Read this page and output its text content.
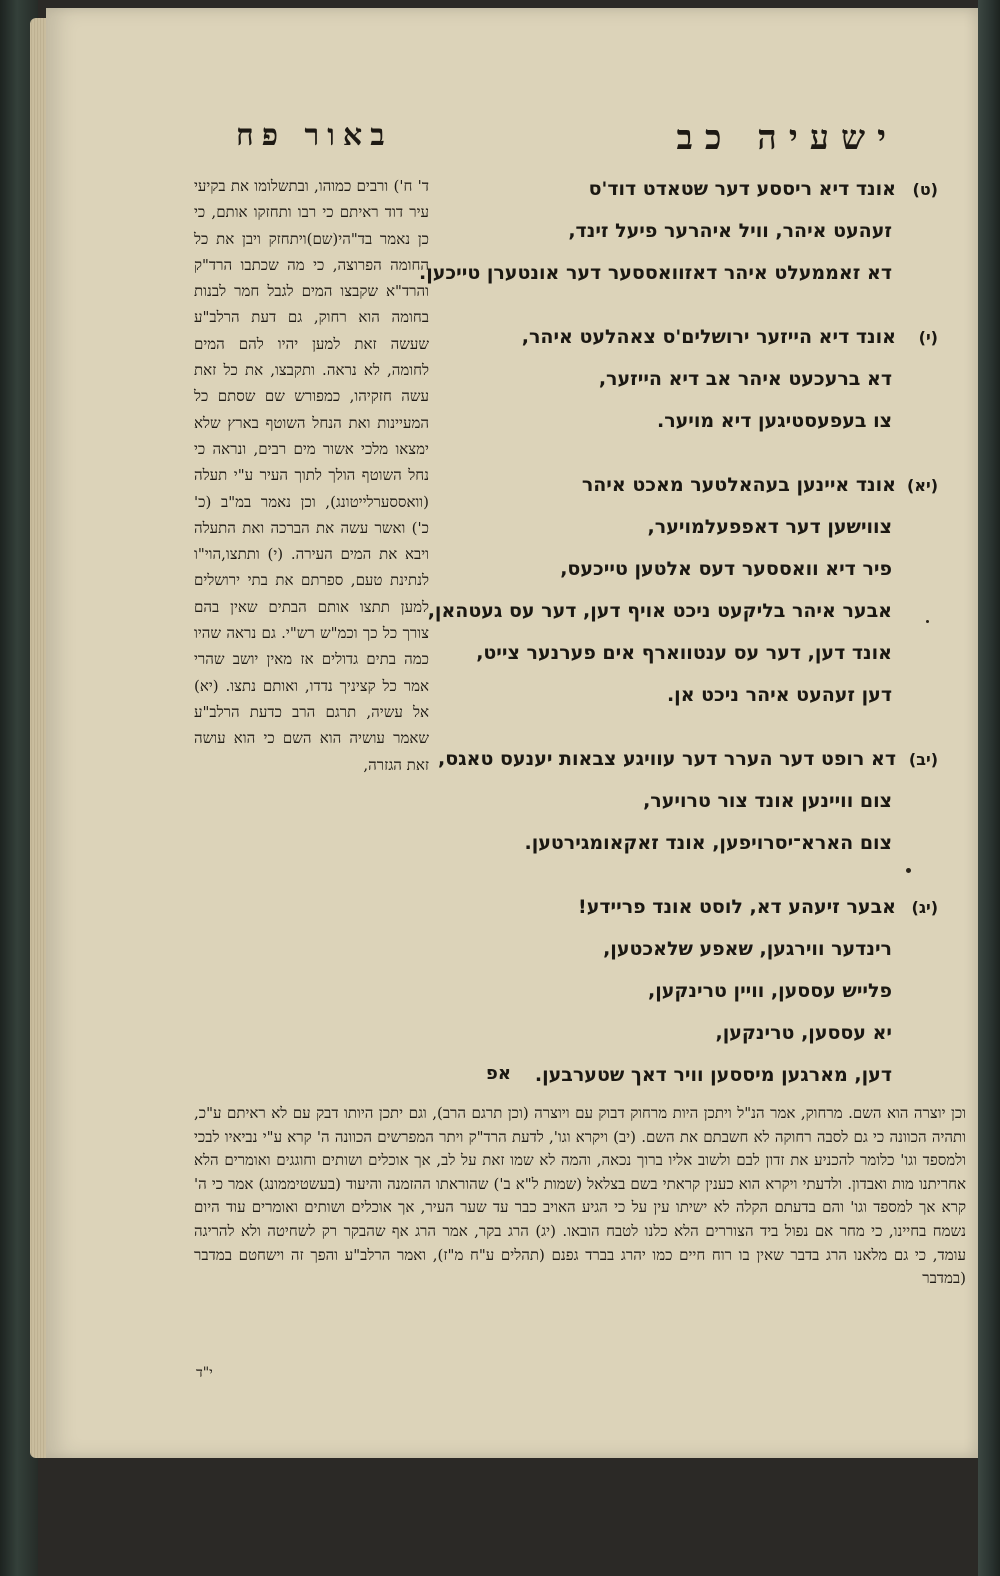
ישעיה כב
באור פח
(ט)אונד דיא ריססע דער שטאדט דוד'ס
זעהעט איהר, וויל איהרער פיעל זינד,
דא זאממעלט איהר דאזוואססער דער אונטערן טייכען.
(י)אונד דיא הייזער ירושלים'ס צאהלעט איהר,
דא ברעכעט איהר אב דיא הייזער,
צו בעפעסטיגען דיא מויער.
(יא)אונד איינען בעהאלטער מאכט איהר
צווישען דער דאפפעלמויער,
פיר דיא וואססער דעס אלטען טייכעס,
אבער איהר בליקעט ניכט אויף דען, דער עס געטהאן,
אונד דען, דער עס ענטווארף אים פערנער צייט,
דען זעהעט איהר ניכט אן.
(יב)דא רופט דער הערר דער עוויגע צבאות יענעס טאגס,
צום וויינען אונד צור טרויער,
צום הארא־יסרויפען, אונד זאקאומגירטען.
(יג)אבער זיעהע דא, לוסט אונד פריידע!
רינדער ווירגען, שאפע שלאכטען,
פלייש עססען, וויין טרינקען,
יא עססען, טרינקען,
דען, מארגען מיססען וויר דאך שטערבען.
אפ

ד' ח') ורבים כמוהו, ובתשלומו את בקיעי עיר דוד ראיתם כי רבו ותחזקו אותם, כי כן נאמר בד"הי(שם)ויתחזק ויבן את כל החומה הפרוצה, כי מה שכתבו הרד"ק והרד"א שקבצו המים לגבל חמר לבנות בחומה הוא רחוק, גם דעת הרלב"ע שעשה זאת למען יהיו להם המים לחומה, לא נראה. ותקבצו, את כל זאת עשה חזקיהו, כמפורש שם שסתם כל המעיינות ואת הנחל השוטף בארץ שלא ימצאו מלכי אשור מים רבים, ונראה כי נחל השוטף הולך לתוך העיר ע"י תעלה (וואססערלייטונג), וכן נאמר במ"ב (כ' כ') ואשר עשה את הברכה ואת התעלה ויבא את המים העירה. (י) ותתצו,הוי"ו לנתינת טעם, ספרתם את בתי ירושלים למען תתצו אותם הבתים שאין בהם צורך כל כך וכמ"ש רש"י. גם נראה שהיו כמה בתים גדולים אז מאין יושב שהרי אמר כל קציניך נדדו, ואותם נתצו. (יא) אל עשיה, תרגם הרב כדעת הרלב"ע שאמר עושיה הוא השם כי הוא עושה זאת הגזרה,

וכן יוצרה הוא השם. מרחוק, אמר הנ"ל ויתכן היות מרחוק דבוק עם ויוצרה (וכן תרגם הרב), וגם יתכן היותו דבק עם לא ראיתם ע"כ, ותהיה הכוונה כי גם לסבה רחוקה לא חשבתם את השם. (יב) ויקרא וגו', לדעת הרד"ק ויתר המפרשים הכוונה ה' קרא ע"י נביאיו לבכי ולמספד וגו' כלומר להכניע את זדון לבם ולשוב אליו ברוך נכאה, והמה לא שמו זאת על לב, אך אוכלים ושותים וחוגגים ואומרים הלא אחריתנו מות ואבדון. ולדעתי ויקרא הוא כענין קראתי בשם בצלאל (שמות ל"א ב') שהוראתו ההזמנה והיעוד (בעשטיממונג) אמר כי ה' קרא אך למספד וגו' והם בדעתם הקלה לא ישיתו עין על כי הגיע האויב כבר עד שער העיר, אך אוכלים ושותים ואומרים עוד היום נשמח בחיינו, כי מחר אם נפול ביד הצוררים הלא כלנו לטבח הובאו. (יג) הרג בקר, אמר הרג אף שהבקר רק לשחיטה ולא להריגה עומד, כי גם מלאנו הרג בדבר שאין בו רוח חיים כמו יהרג בברד גפנם (תהלים ע"ח מ"ז), ואמר הרלב"ע והפך זה וישחטם במדבר (במדבר

י"ד
